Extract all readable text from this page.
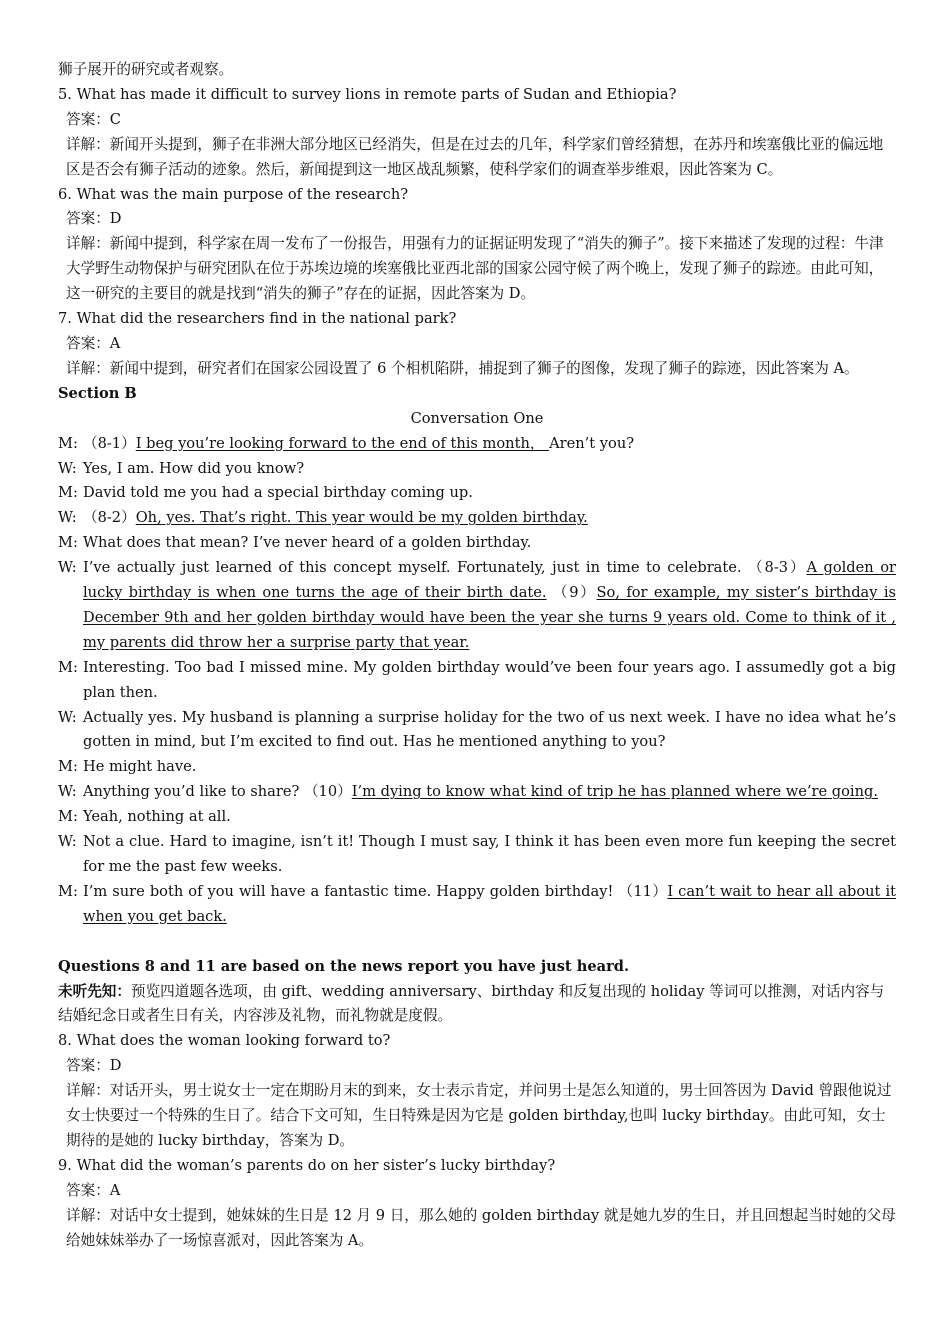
狮子展开的研究或者观察。

5. What has made it difficult to survey lions in remote parts of Sudan and Ethiopia?

答案：C

详解：新闻开头提到，狮子在非洲大部分地区已经消失，但是在过去的几年，科学家们曾经猜想，在苏丹和埃塞俄比亚的偏远地区是否会有狮子活动的迹象。然后，新闻提到这一地区战乱频繁，使科学家们的调查举步维艰，因此答案为 C。

6. What was the main purpose of the research?

答案：D

详解：新闻中提到，科学家在周一发布了一份报告，用强有力的证据证明发现了“消失的狮子”。接下来描述了发现的过程：牛津大学野生动物保护与研究团队在位于苏埃边境的埃塞俄比亚西北部的国家公园守候了两个晚上，发现了狮子的踪迹。由此可知，这一研究的主要目的就是找到“消失的狮子”存在的证据，因此答案为 D。

7. What did the researchers find in the national park?

答案：A

详解：新闻中提到，研究者们在国家公园设置了 6 个相机陷阱，捕捉到了狮子的图像，发现了狮子的踪迹，因此答案为 A。

Section B

Conversation One

M: （8-1）I beg you’re looking forward to the end of this month， Aren’t you?
W: Yes, I am. How did you know?
M: David told me you had a special birthday coming up.
W: （8-2）Oh, yes. That’s right. This year would be my golden birthday.
M: What does that mean? I’ve never heard of a golden birthday.
W: I’ve actually just learned of this concept myself. Fortunately, just in time to celebrate. （8-3）A golden or lucky birthday is when one turns the age of their birth date. （9）So, for example, my sister’s birthday is December 9th and her golden birthday would have been the year she turns 9 years old. Come to think of it , my parents did throw her a surprise party that year.
M: Interesting. Too bad I missed mine. My golden birthday would’ve been four years ago. I assumedly got a big plan then.
W: Actually yes. My husband is planning a surprise holiday for the two of us next week. I have no idea what he’s gotten in mind, but I’m excited to find out. Has he mentioned anything to you?
M: He might have.
W: Anything you’d like to share? （10）I’m dying to know what kind of trip he has planned where we’re going.
M: Yeah, nothing at all.
W: Not a clue. Hard to imagine, isn’t it! Though I must say, I think it has been even more fun keeping the secret for me the past few weeks.
M: I’m sure both of you will have a fantastic time. Happy golden birthday! （11）I can’t wait to hear all about it when you get back.

Questions 8 and 11 are based on the news report you have just heard.

未听先知：预览四道题各选项，由 gift、wedding anniversary、birthday 和反复出现的 holiday 等词可以推测，对话内容与结婚纪念日或者生日有关，内容涉及礼物，而礼物就是度假。

8. What does the woman looking forward to?

答案：D

详解：对话开头，男士说女士一定在期盼月末的到来，女士表示肯定，并问男士是怎么知道的，男士回答因为 David 曾跟他说过女士快要过一个特殊的生日了。结合下文可知，生日特殊是因为它是 golden birthday,也叫 lucky birthday。由此可知，女士期待的是她的 lucky birthday，答案为 D。

9. What did the woman’s parents do on her sister’s lucky birthday?

答案：A

详解：对话中女士提到，她妹妹的生日是 12 月 9 日，那么她的 golden birthday 就是她九岁的生日，并且回想起当时她的父母给她妹妹举办了一场惊喜派对，因此答案为 A。
